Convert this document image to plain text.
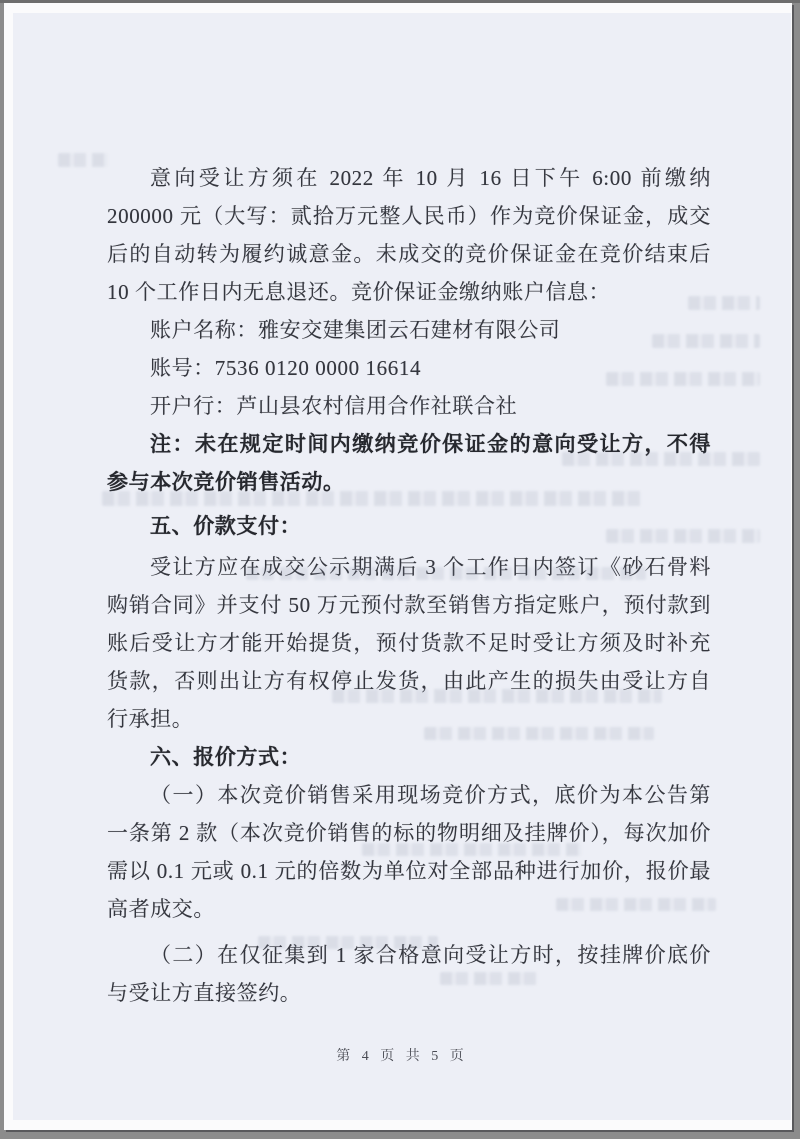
意向受让方须在 2022 年 10 月 16 日下午 6:00 前缴纳 200000 元（大写：贰拾万元整人民币）作为竞价保证金，成交后的自动转为履约诚意金。未成交的竞价保证金在竞价结束后 10 个工作日内无息退还。竞价保证金缴纳账户信息：

账户名称：雅安交建集团云石建材有限公司

账号：7536 0120 0000 16614

开户行：芦山县农村信用合作社联合社

注：未在规定时间内缴纳竞价保证金的意向受让方，不得参与本次竞价销售活动。

五、价款支付：

受让方应在成交公示期满后 3 个工作日内签订《砂石骨料购销合同》并支付 50 万元预付款至销售方指定账户，预付款到账后受让方才能开始提货，预付货款不足时受让方须及时补充货款，否则出让方有权停止发货，由此产生的损失由受让方自行承担。

六、报价方式：

（一）本次竞价销售采用现场竞价方式，底价为本公告第一条第 2 款（本次竞价销售的标的物明细及挂牌价），每次加价需以 0.1 元或 0.1 元的倍数为单位对全部品种进行加价，报价最高者成交。

（二）在仅征集到 1 家合格意向受让方时，按挂牌价底价与受让方直接签约。

第 4 页 共 5 页
